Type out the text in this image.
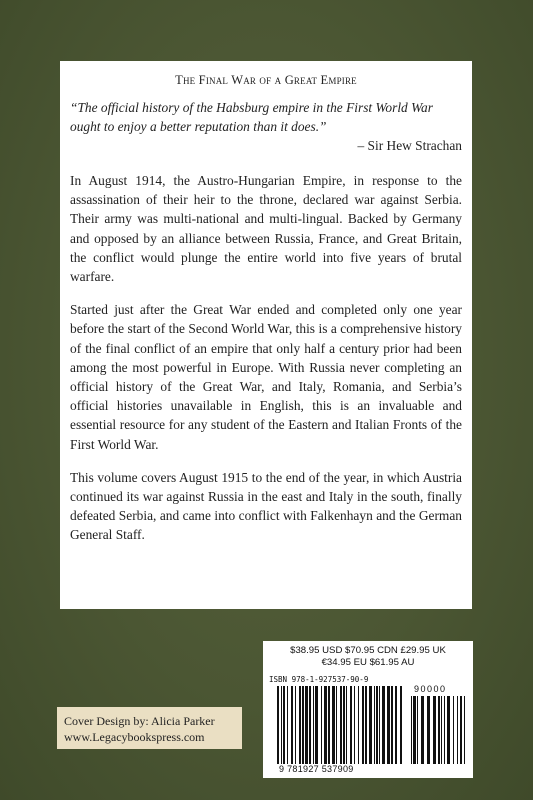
The Final War of a Great Empire

“The official history of the Habsburg empire in the First World War ought to enjoy a better reputation than it does.”

– Sir Hew Strachan

In August 1914, the Austro-Hungarian Empire, in response to the assassination of their heir to the throne, declared war against Serbia. Their army was multi-national and multi-lingual. Backed by Germany and opposed by an alliance between Russia, France, and Great Britain, the conflict would plunge the entire world into five years of brutal warfare.

Started just after the Great War ended and completed only one year before the start of the Second World War, this is a comprehensive history of the final conflict of an empire that only half a century prior had been among the most powerful in Europe. With Russia never completing an official history of the Great War, and Italy, Romania, and Serbia’s official histories unavailable in English, this is an invaluable and essential resource for any student of the Eastern and Italian Fronts of the First World War.

This volume covers August 1915 to the end of the year, in which Austria continued its war against Russia in the east and Italy in the south, finally defeated Serbia, and came into conflict with Falkenhayn and the German General Staff.

Cover Design by: Alicia Parker
www.Legacybookspress.com
$38.95 USD $70.95 CDN £29.95 UK
€34.95 EU $61.95 AU
ISBN 978-1-927537-90-9
9 781927 537909
90000
